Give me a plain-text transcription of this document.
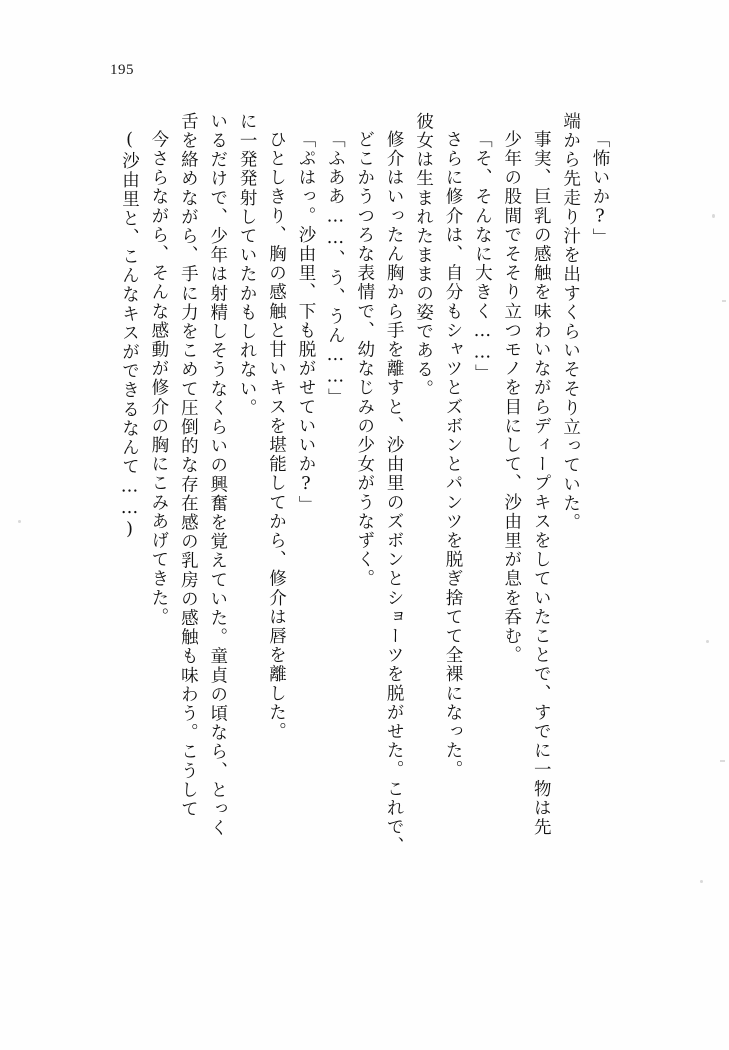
195
「怖いか?」
端から先走り汁を出すくらいそそり立っていた。
事実、巨乳の感触を味わいながらディープキスをしていたことで、すでに一物は先
少年の股間でそそり立つモノを目にして、沙由里が息を呑む。
「そ、そんなに大きく……」
さらに修介は、自分もシャツとズボンとパンツを脱ぎ捨てて全裸になった。
彼女は生まれたままの姿である。
修介はいったん胸から手を離すと、沙由里のズボンとショーツを脱がせた。これで、
どこかうつろな表情で、幼なじみの少女がうなずく。
「ふああ……、う、うん……」
「ぷはっ。沙由里、下も脱がせていいか?」
ひとしきり、胸の感触と甘いキスを堪能してから、修介は唇を離した。
に一発発射していたかもしれない。
いるだけで、少年は射精しそうなくらいの興奮を覚えていた。童貞の頃なら、とっく
舌を絡めながら、手に力をこめて圧倒的な存在感の乳房の感触も味わう。こうして
今さらながら、そんな感動が修介の胸にこみあげてきた。
(沙由里と、こんなキスができるなんて……)
